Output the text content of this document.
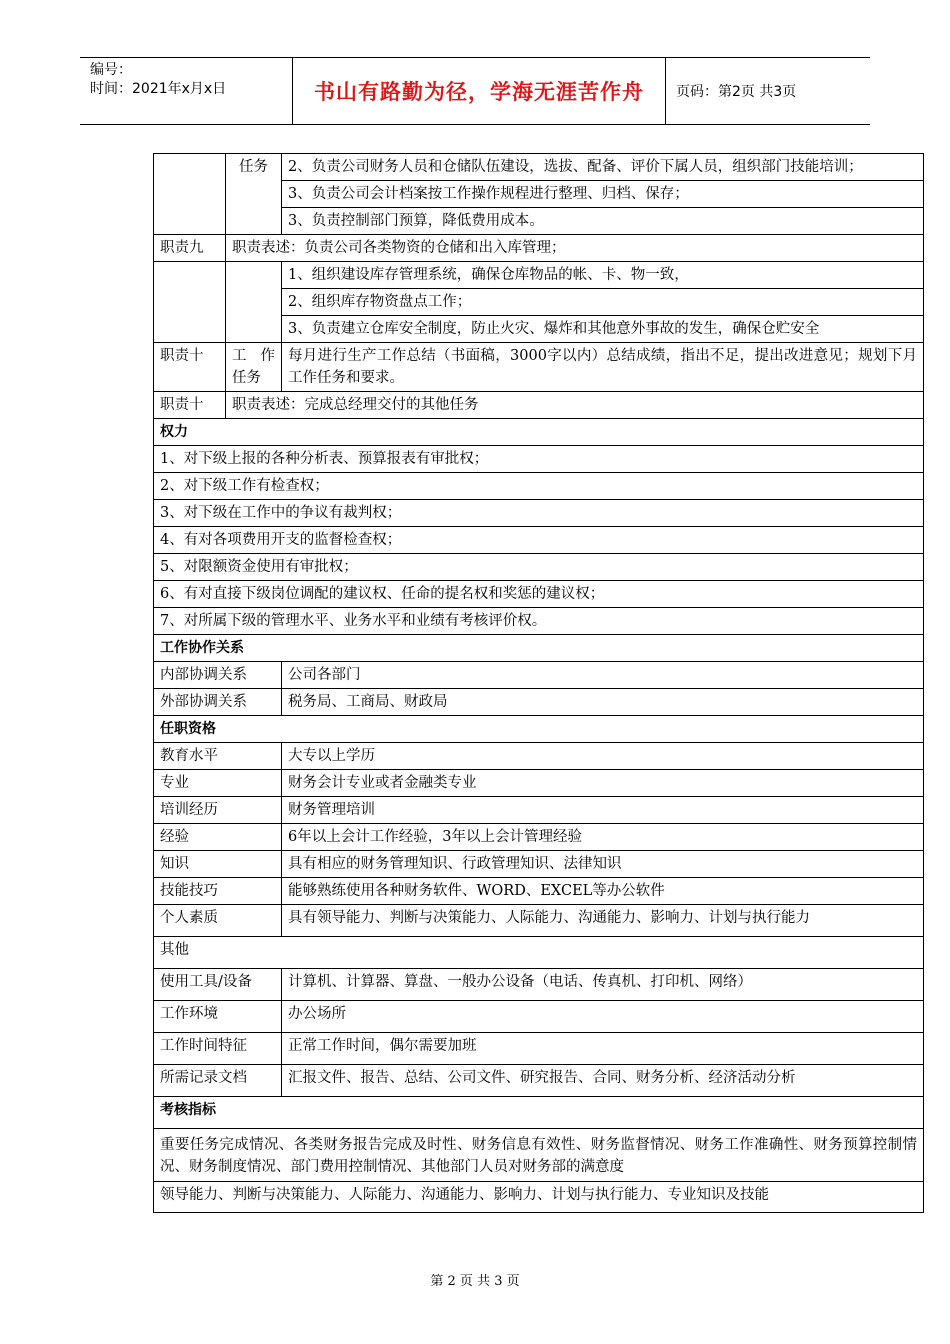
编号：
时间：2021年x月x日	书山有路勤为径，学海无涯苦作舟	页码：第2页 共3页
	任务	2、负责公司财务人员和仓储队伍建设，选拔、配备、评价下属人员，组织部门技能培训；
		3、负责公司会计档案按工作操作规程进行整理、归档、保存；
		3、负责控制部门预算，降低费用成本。
职责九	职责表述：负责公司各类物资的仓储和出入库管理；	
		1、组织建设库存管理系统，确保仓库物品的帐、卡、物一致，
		2、组织库存物资盘点工作；
		3、负责建立仓库安全制度，防止火灾、爆炸和其他意外事故的发生，确保仓贮安全
职责十	工 作 任务	每月进行生产工作总结（书面稿，3000字以内）总结成绩，指出不足，提出改进意见；规划下月工作任务和要求。
职责十	职责表述：完成总经理交付的其他任务	
权力		
1、对下级上报的各种分析表、预算报表有审批权；		
2、对下级工作有检查权；		
3、对下级在工作中的争议有裁判权；		
4、有对各项费用开支的监督检查权；		
5、对限额资金使用有审批权；		
6、有对直接下级岗位调配的建议权、任命的提名权和奖惩的建议权；		
7、对所属下级的管理水平、业务水平和业绩有考核评价权。		
工作协作关系		
内部协调关系		公司各部门
外部协调关系		税务局、工商局、财政局
任职资格		
教育水平		大专以上学历
专业		财务会计专业或者金融类专业
培训经历		财务管理培训
经验		6年以上会计工作经验，3年以上会计管理经验
知识		具有相应的财务管理知识、行政管理知识、法律知识
技能技巧		能够熟练使用各种财务软件、WORD、EXCEL等办公软件
个人素质		具有领导能力、判断与决策能力、人际能力、沟通能力、影响力、计划与执行能力
其他		
使用工具/设备		计算机、计算器、算盘、一般办公设备（电话、传真机、打印机、网络）
工作环境		办公场所
工作时间特征		正常工作时间，偶尔需要加班
所需记录文档		汇报文件、报告、总结、公司文件、研究报告、合同、财务分析、经济活动分析
考核指标		
重要任务完成情况、各类财务报告完成及时性、财务信息有效性、财务监督情况、财务工作准确性、财务预算控制情况、财务制度情况、部门费用控制情况、其他部门人员对财务部的满意度		
领导能力、判断与决策能力、人际能力、沟通能力、影响力、计划与执行能力、专业知识及技能		
第 2 页 共 3 页
